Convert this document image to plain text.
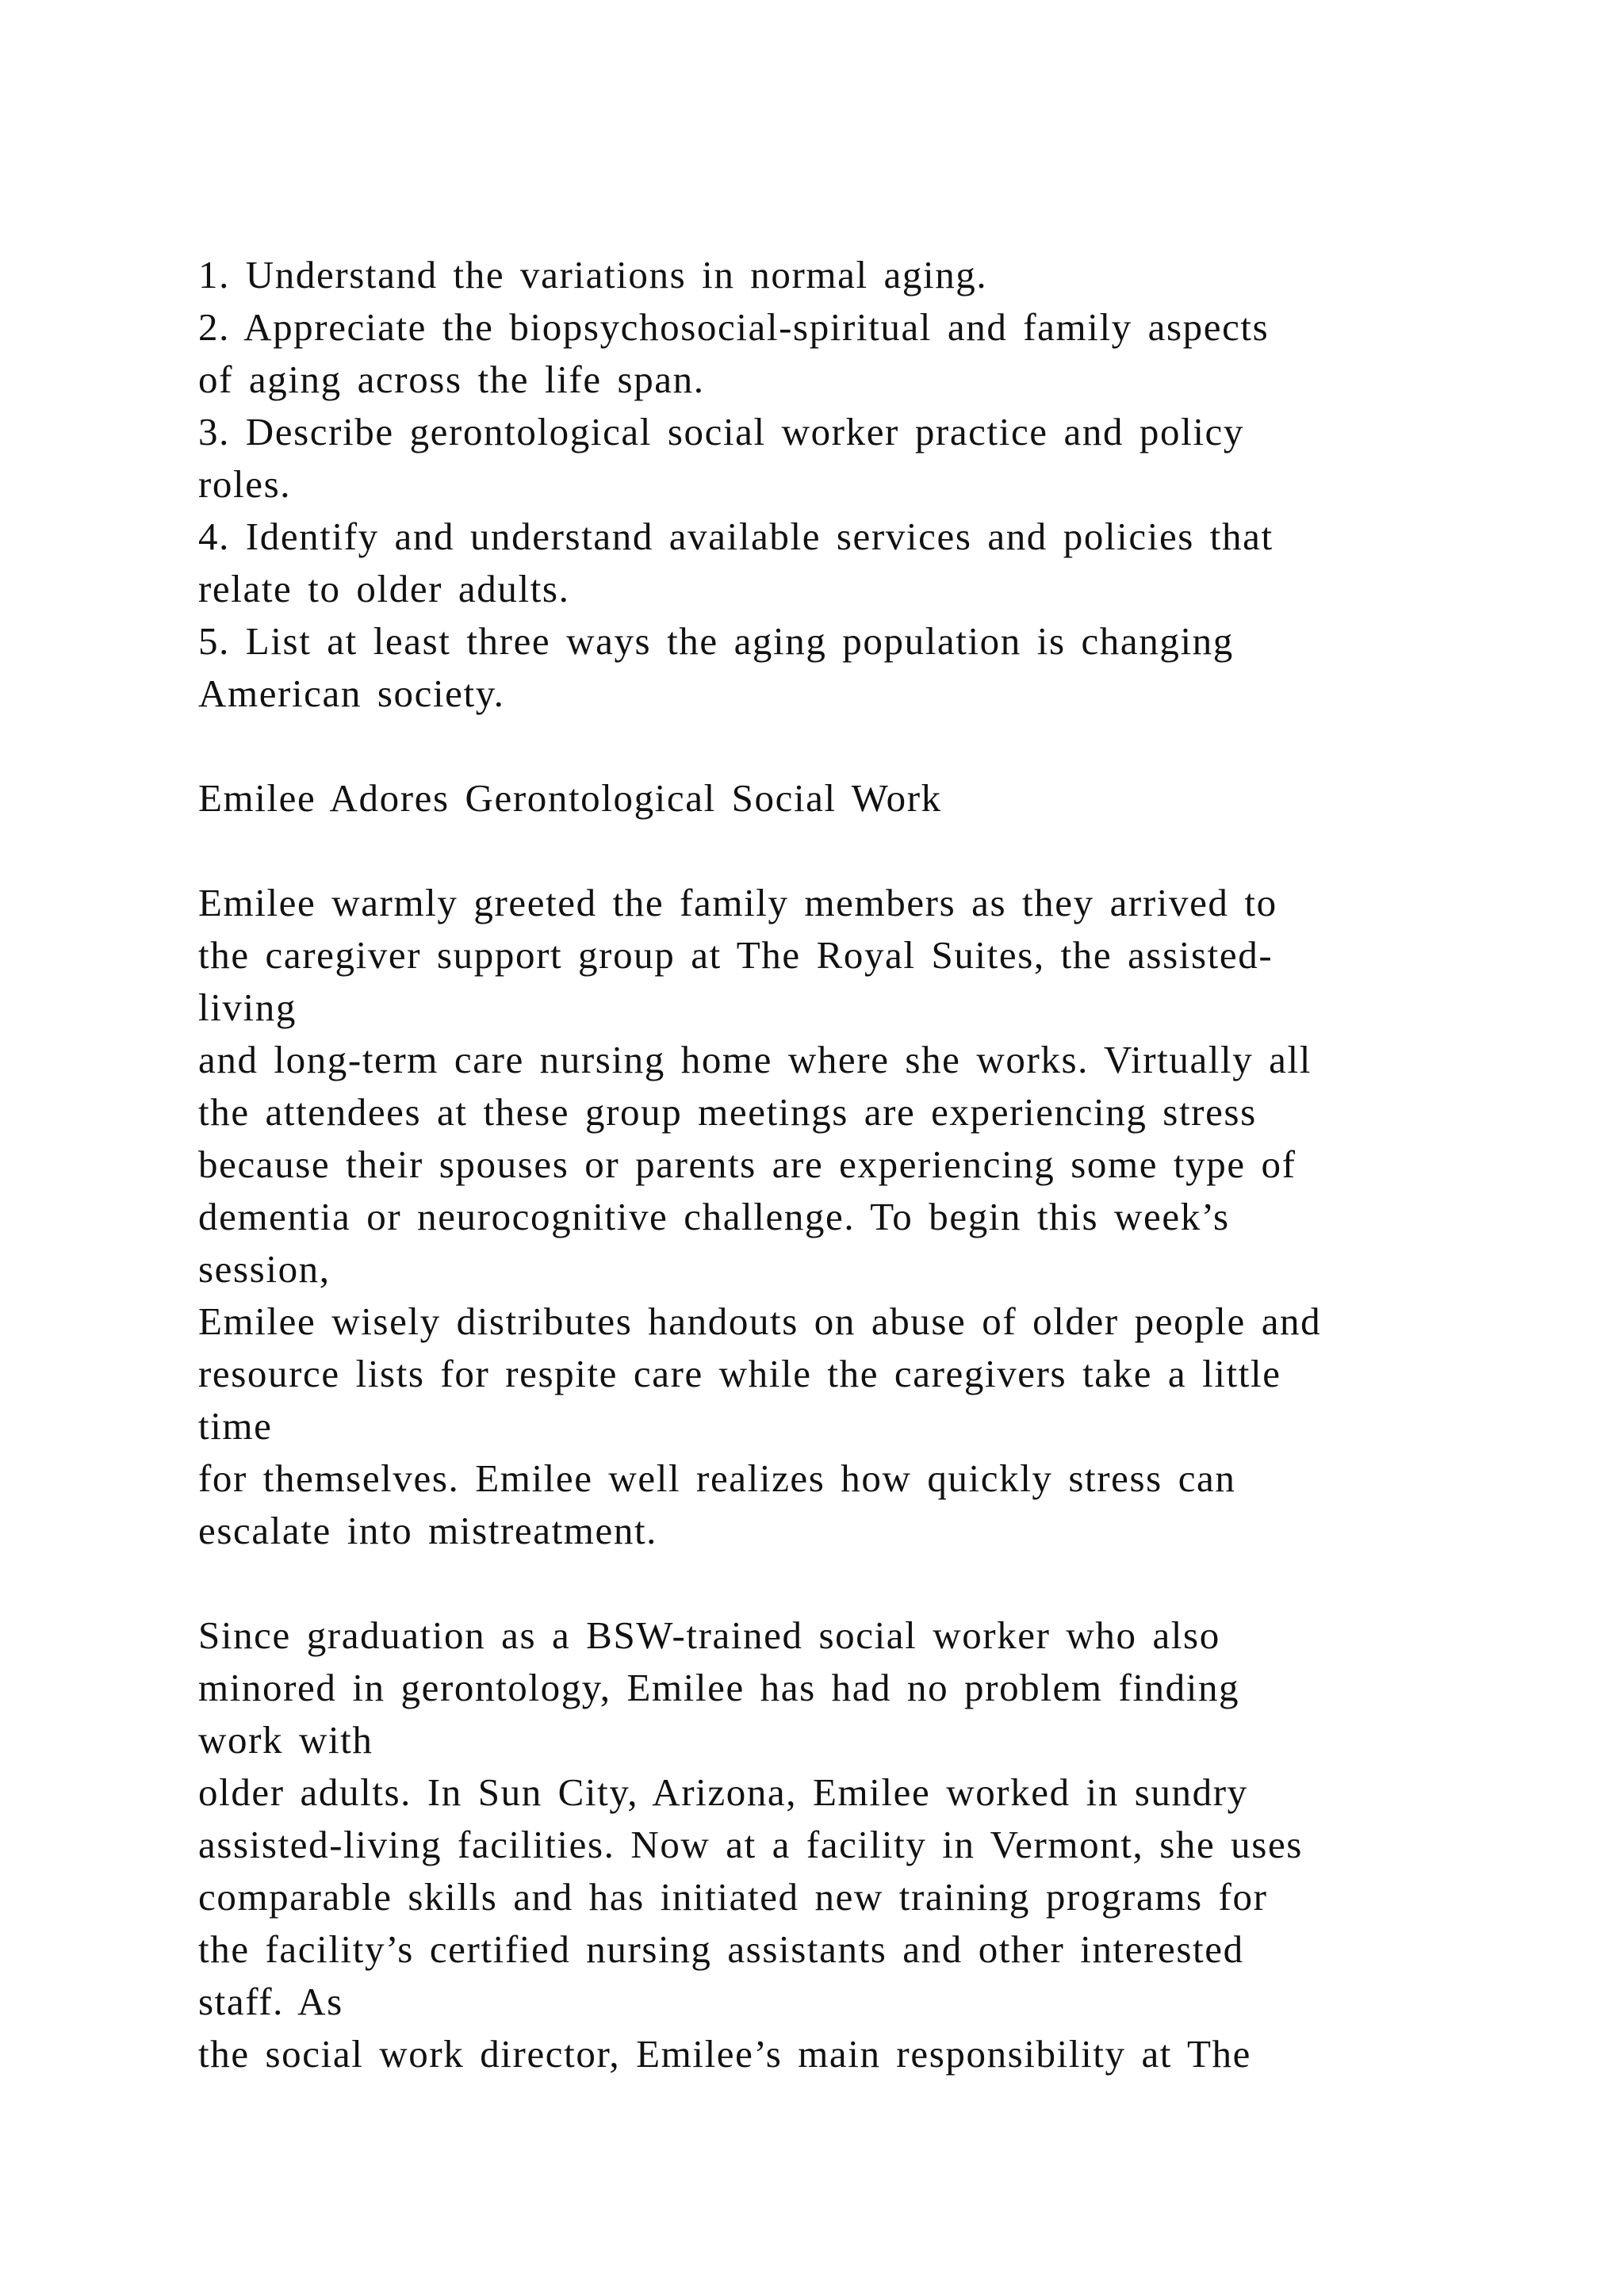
1. Understand the variations in normal aging.
2. Appreciate the biopsychosocial-spiritual and family aspects
of aging across the life span.
3. Describe gerontological social worker practice and policy
roles.
4. Identify and understand available services and policies that
relate to older adults.
5. List at least three ways the aging population is changing
American society.
Emilee Adores Gerontological Social Work
Emilee warmly greeted the family members as they arrived to
the caregiver support group at The Royal Suites, the assisted-
living
and long-term care nursing home where she works. Virtually all
the attendees at these group meetings are experiencing stress
because their spouses or parents are experiencing some type of
dementia or neurocognitive challenge. To begin this week’s
session,
Emilee wisely distributes handouts on abuse of older people and
resource lists for respite care while the caregivers take a little
time
for themselves. Emilee well realizes how quickly stress can
escalate into mistreatment.
Since graduation as a BSW-trained social worker who also
minored in gerontology, Emilee has had no problem finding
work with
older adults. In Sun City, Arizona, Emilee worked in sundry
assisted-living facilities. Now at a facility in Vermont, she uses
comparable skills and has initiated new training programs for
the facility’s certified nursing assistants and other interested
staff. As
the social work director, Emilee’s main responsibility at The
